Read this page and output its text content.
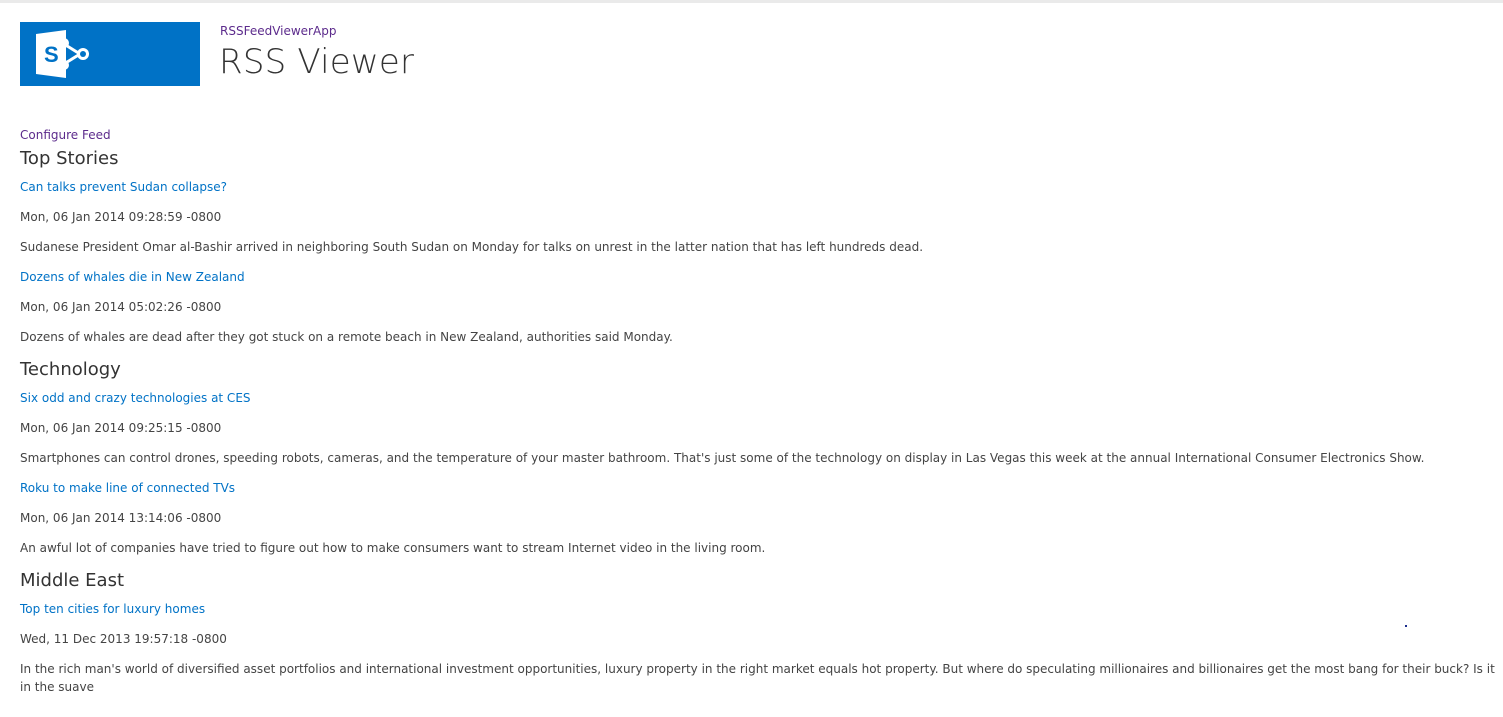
S
RSSFeedViewerApp
RSS Viewer
Configure Feed
Top Stories
Can talks prevent Sudan collapse?
Mon, 06 Jan 2014 09:28:59 -0800
Sudanese President Omar al-Bashir arrived in neighboring South Sudan on Monday for talks on unrest in the latter nation that has left hundreds dead.
Dozens of whales die in New Zealand
Mon, 06 Jan 2014 05:02:26 -0800
Dozens of whales are dead after they got stuck on a remote beach in New Zealand, authorities said Monday.
Technology
Six odd and crazy technologies at CES
Mon, 06 Jan 2014 09:25:15 -0800
Smartphones can control drones, speeding robots, cameras, and the temperature of your master bathroom. That's just some of the technology on display in Las Vegas this week at the annual International Consumer Electronics Show.
Roku to make line of connected TVs
Mon, 06 Jan 2014 13:14:06 -0800
An awful lot of companies have tried to figure out how to make consumers want to stream Internet video in the living room.
Middle East
Top ten cities for luxury homes
Wed, 11 Dec 2013 19:57:18 -0800
In the rich man's world of diversified asset portfolios and international investment opportunities, luxury property in the right market equals hot property. But where do speculating millionaires and billionaires get the most bang for their buck? Is it in the suave
